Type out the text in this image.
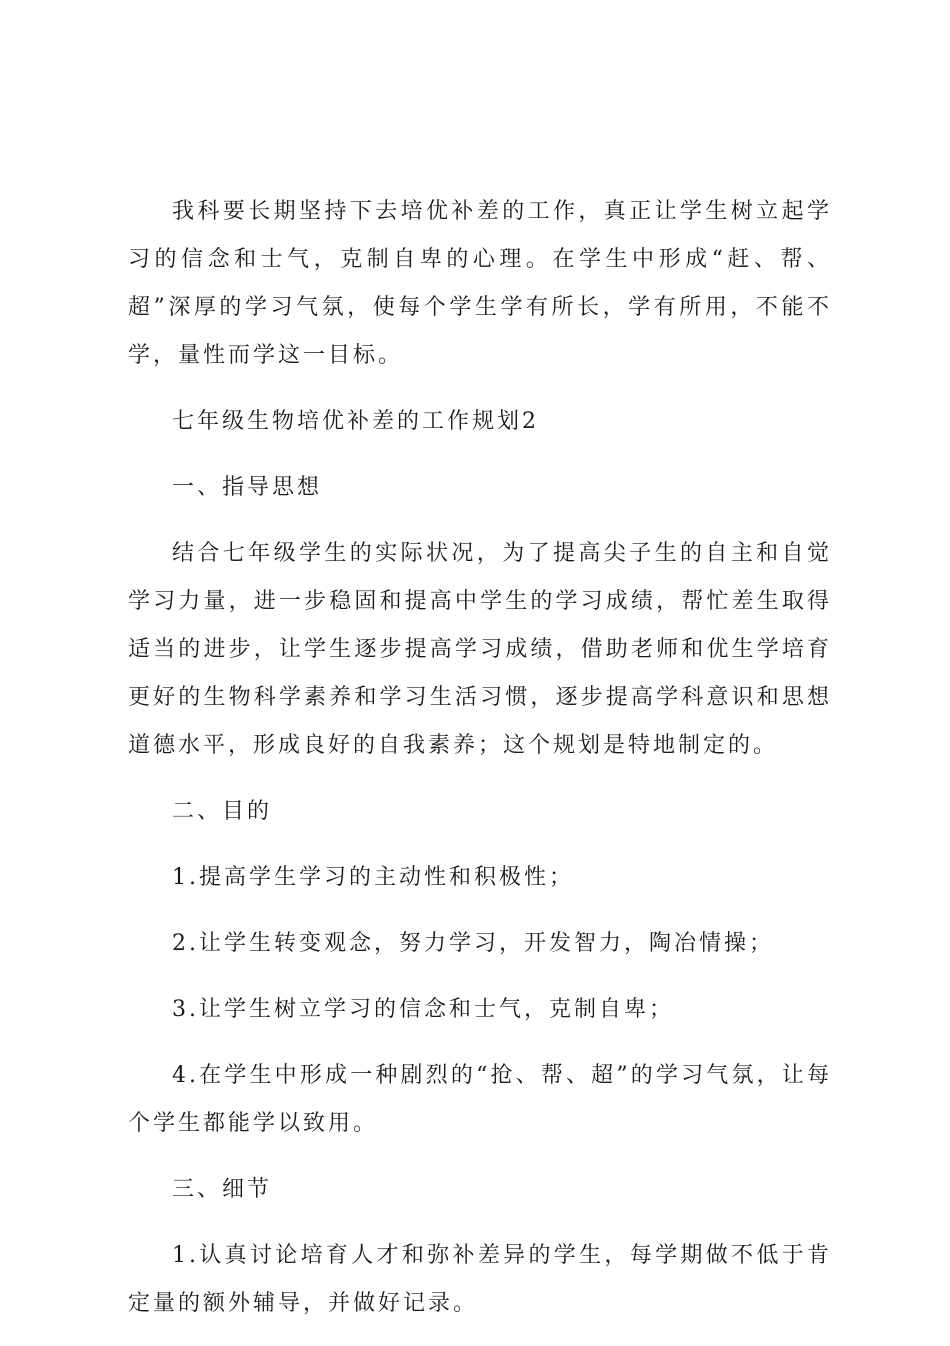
我科要长期坚持下去培优补差的工作，真正让学生树立起学习的信念和士气，克制自卑的心理。在学生中形成“赶、帮、超”深厚的学习气氛，使每个学生学有所长，学有所用，不能不学，量性而学这一目标。

七年级生物培优补差的工作规划2

一、指导思想

结合七年级学生的实际状况，为了提高尖子生的自主和自觉学习力量，进一步稳固和提高中学生的学习成绩，帮忙差生取得适当的进步，让学生逐步提高学习成绩，借助老师和优生学培育更好的生物科学素养和学习生活习惯，逐步提高学科意识和思想道德水平，形成良好的自我素养；这个规划是特地制定的。

二、目的

1.提高学生学习的主动性和积极性；

2.让学生转变观念，努力学习，开发智力，陶冶情操；

3.让学生树立学习的信念和士气，克制自卑；

4.在学生中形成一种剧烈的“抢、帮、超”的学习气氛，让每个学生都能学以致用。

三、细节

1.认真讨论培育人才和弥补差异的学生，每学期做不低于肯定量的额外辅导，并做好记录。
